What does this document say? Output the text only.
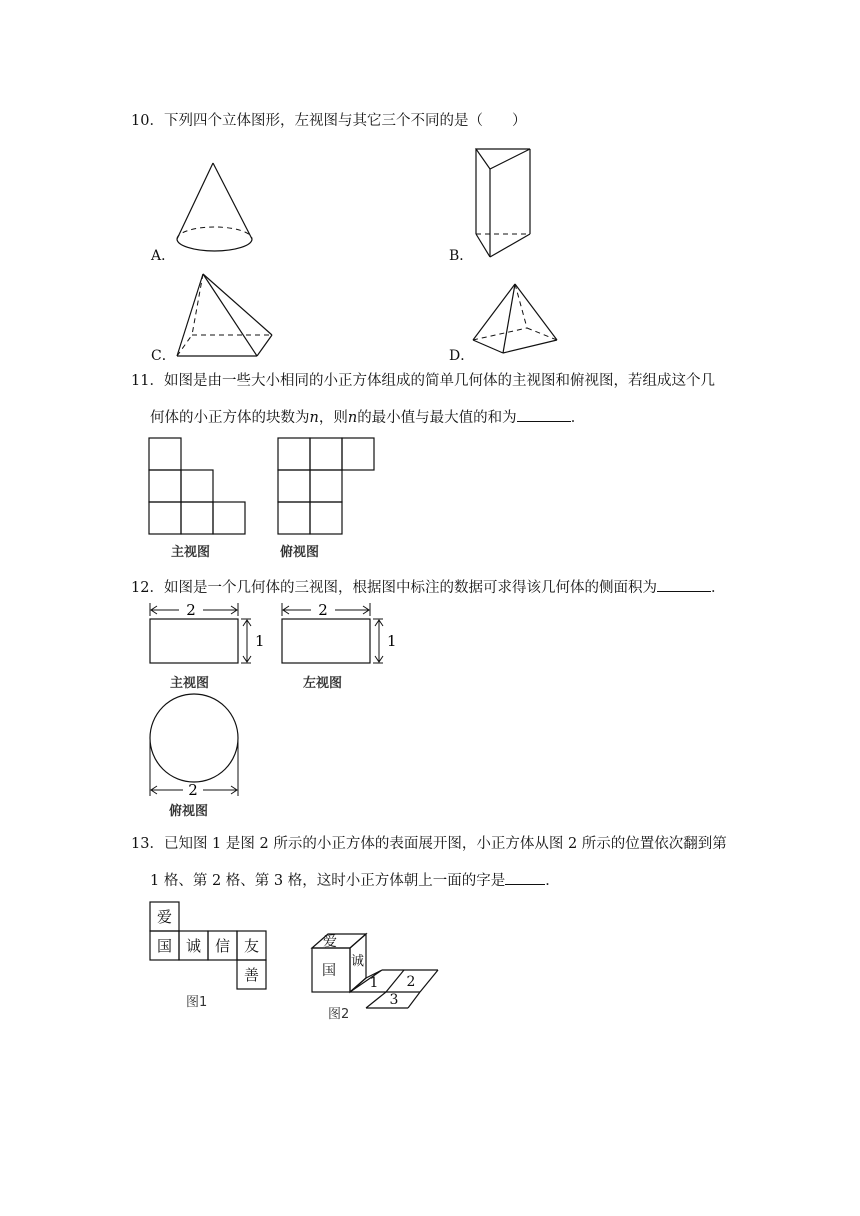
10．下列四个立体图形，左视图与其它三个不同的是（　　）
A．	B．
C．	D．
11．如图是由一些大小相同的小正方体组成的简单几何体的主视图和俯视图，若组成这个几
何体的小正方体的块数为n，则n的最小值与最大值的和为	．
主视图	俯视图
12．如图是一个几何体的三视图，根据图中标注的数据可求得该几何体的侧面积为	．
2
1
主视图
2
1
左视图
2
俯视图
13．已知图 1 是图 2 所示的小正方体的表面展开图，小正方体从图 2 所示的位置依次翻到第
1 格、第 2 格、第 3 格，这时小正方体朝上一面的字是	．
爱
国 诚 信 友
善
图1
爱
国
诚
1 2
3
图2
